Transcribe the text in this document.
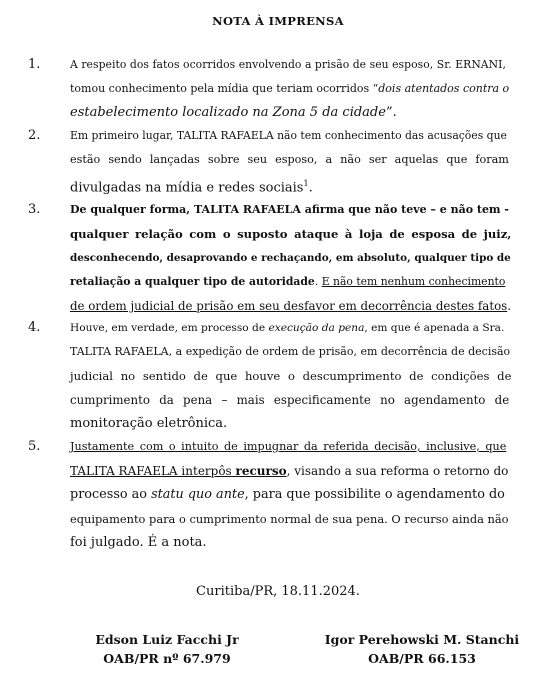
NOTA À IMPRENSA
1.	A respeito dos fatos ocorridos envolvendo a prisão de seu esposo, Sr. ERNANI,
tomou conhecimento pela mídia que teriam ocorridos “dois atentados contra o
estabelecimento localizado na Zona 5 da cidade”.
2.	Em primeiro lugar, TALITA RAFAELA não tem conhecimento das acusações que
estão sendo lançadas sobre seu esposo, a não ser aquelas que foram
divulgadas na mídia e redes sociais$^1$.
3.	De qualquer forma, TALITA RAFAELA afirma que não teve – e não tem -
qualquer relação com o suposto ataque à loja de esposa de juiz,
desconhecendo, desaprovando e rechaçando, em absoluto, qualquer tipo de
retaliação a qualquer tipo de autoridade. E não tem nenhum conhecimento
de ordem judicial de prisão em seu desfavor em decorrência destes fatos.
4.	Houve, em verdade, em processo de execução da pena, em que é apenada a Sra.
TALITA RAFAELA, a expedição de ordem de prisão, em decorrência de decisão
judicial no sentido de que houve o descumprimento de condições de
cumprimento da pena – mais especificamente no agendamento de
monitoração eletrônica.
5.	Justamente com o intuito de impugnar da referida decisão, inclusive, que
TALITA RAFAELA interpôs recurso, visando a sua reforma o retorno do
processo ao statu quo ante, para que possibilite o agendamento do
equipamento para o cumprimento normal de sua pena. O recurso ainda não
foi julgado. É a nota.
Curitiba/PR, 18.11.2024.
Edson Luiz Facchi Jr
OAB/PR nº 67.979
Igor Perehowski M. Stanchi
OAB/PR 66.153
